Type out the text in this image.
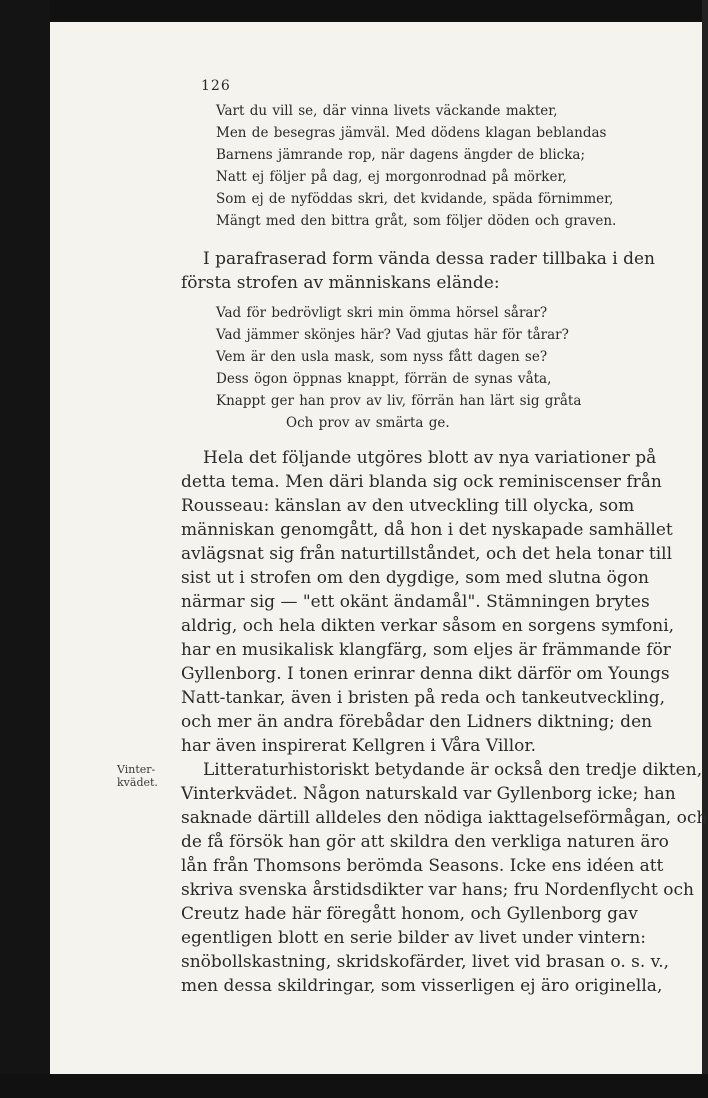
126
Vart du vill se, där vinna livets väckande makter,
Men de besegras jämväl. Med dödens klagan beblandas
Barnens jämrande rop, när dagens ängder de blicka;
Natt ej följer på dag, ej morgonrodnad på mörker,
Som ej de nyföddas skri, det kvidande, späda förnimmer,
Mängt med den bittra gråt, som följer döden och graven.
I parafraserad form vända dessa rader tillbaka i den
första strofen av människans elände:
Vad för bedrövligt skri min ömma hörsel sårar?
Vad jämmer skönjes här? Vad gjutas här för tårar?
Vem är den usla mask, som nyss fått dagen se?
Dess ögon öppnas knappt, förrän de synas våta,
Knappt ger han prov av liv, förrän han lärt sig gråta
Och prov av smärta ge.
Hela det följande utgöres blott av nya variationer på
detta tema. Men däri blanda sig ock reminiscenser från
Rousseau: känslan av den utveckling till olycka, som
människan genomgått, då hon i det nyskapade samhället
avlägsnat sig från naturtillståndet, och det hela tonar till
sist ut i strofen om den dygdige, som med slutna ögon
närmar sig — "ett okänt ändamål". Stämningen brytes
aldrig, och hela dikten verkar såsom en sorgens symfoni,
har en musikalisk klangfärg, som eljes är främmande för
Gyllenborg. I tonen erinrar denna dikt därför om Youngs
Natt-tankar, även i bristen på reda och tankeutveckling,
och mer än andra förebådar den Lidners diktning; den
har även inspirerat Kellgren i Våra Villor.
Vinter-
kvädet.
Litteraturhistoriskt betydande är också den tredje dikten,
Vinterkvädet. Någon naturskald var Gyllenborg icke; han
saknade därtill alldeles den nödiga iakttagelseförmågan, och
de få försök han gör att skildra den verkliga naturen äro
lån från Thomsons berömda Seasons. Icke ens idéen att
skriva svenska årstidsdikter var hans; fru Nordenflycht och
Creutz hade här föregått honom, och Gyllenborg gav
egentligen blott en serie bilder av livet under vintern:
snöbollskastning, skridskofärder, livet vid brasan o. s. v.,
men dessa skildringar, som visserligen ej äro originella,
